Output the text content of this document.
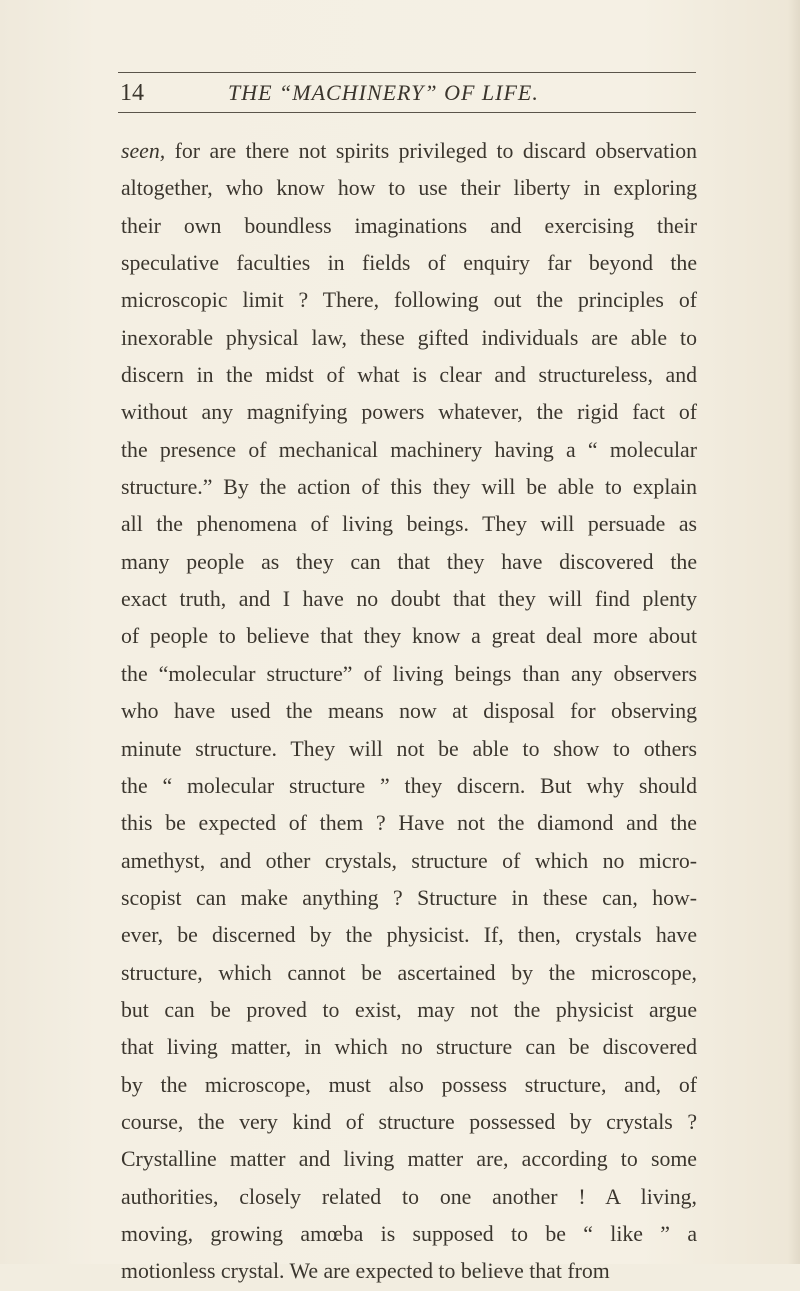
14	THE “MACHINERY” OF LIFE.
seen, for are there not spirits privileged to discard observation
altogether, who know how to use their liberty in exploring
their own boundless imaginations and exercising their
speculative faculties in fields of enquiry far beyond the
microscopic limit ? There, following out the principles of
inexorable physical law, these gifted individuals are able to
discern in the midst of what is clear and structureless, and
without any magnifying powers whatever, the rigid fact of
the presence of mechanical machinery having a “ molecular
structure.” By the action of this they will be able to explain
all the phenomena of living beings. They will persuade as
many people as they can that they have discovered the
exact truth, and I have no doubt that they will find plenty
of people to believe that they know a great deal more about
the “molecular structure” of living beings than any observers
who have used the means now at disposal for observing
minute structure. They will not be able to show to others
the “ molecular structure ” they discern. But why should
this be expected of them ? Have not the diamond and the
amethyst, and other crystals, structure of which no micro-
scopist can make anything ? Structure in these can, how-
ever, be discerned by the physicist. If, then, crystals have
structure, which cannot be ascertained by the microscope,
but can be proved to exist, may not the physicist argue
that living matter, in which no structure can be discovered
by the microscope, must also possess structure, and, of
course, the very kind of structure possessed by crystals ?
Crystalline matter and living matter are, according to some
authorities, closely related to one another ! A living,
moving, growing amœba is supposed to be “ like ” a
motionless crystal. We are expected to believe that from
